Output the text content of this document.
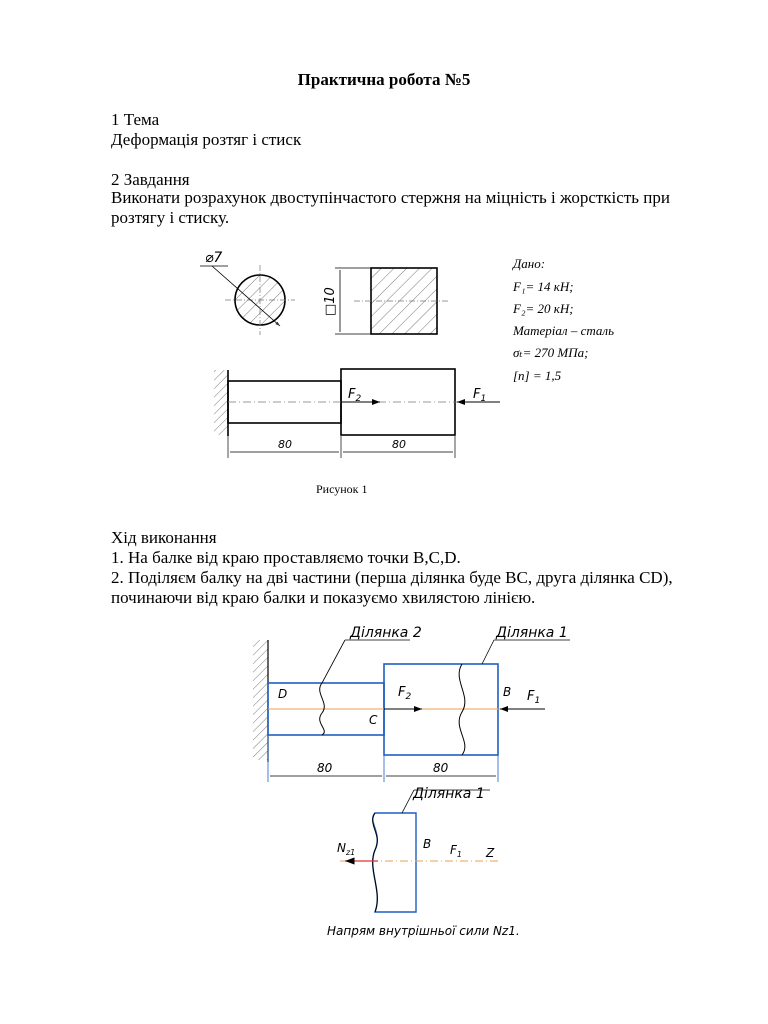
Практична робота №5
1 Тема
Деформація розтяг і стиск
2 Завдання
Виконати розрахунок двоступінчастого стержня на міцність і жорсткість при
розтягу і стиску.
⌀7
□10
Дано:
F₁= 14 кН;
F₂= 20 кН;
Матеріал – сталь
σₜ= 270 МПа;
[n] = 1,5
$F_2$	$F_1$
80	80
Рисунок 1
Хід виконання
1. На балке від краю проставляємо точки В,С,D.
2. Поділяєм балку на дві частини (перша ділянка буде ВС, друга ділянка CD),
починаючи від краю балки и показуємо хвилястою лінією.
Ділянка 2	Ділянка 1
D
C
B
$F_2$	$F_1$
80	80
Ділянка 1
$N_{z1}$
B $F_1$ Z
Напрям внутрішньої сили Nz1.
